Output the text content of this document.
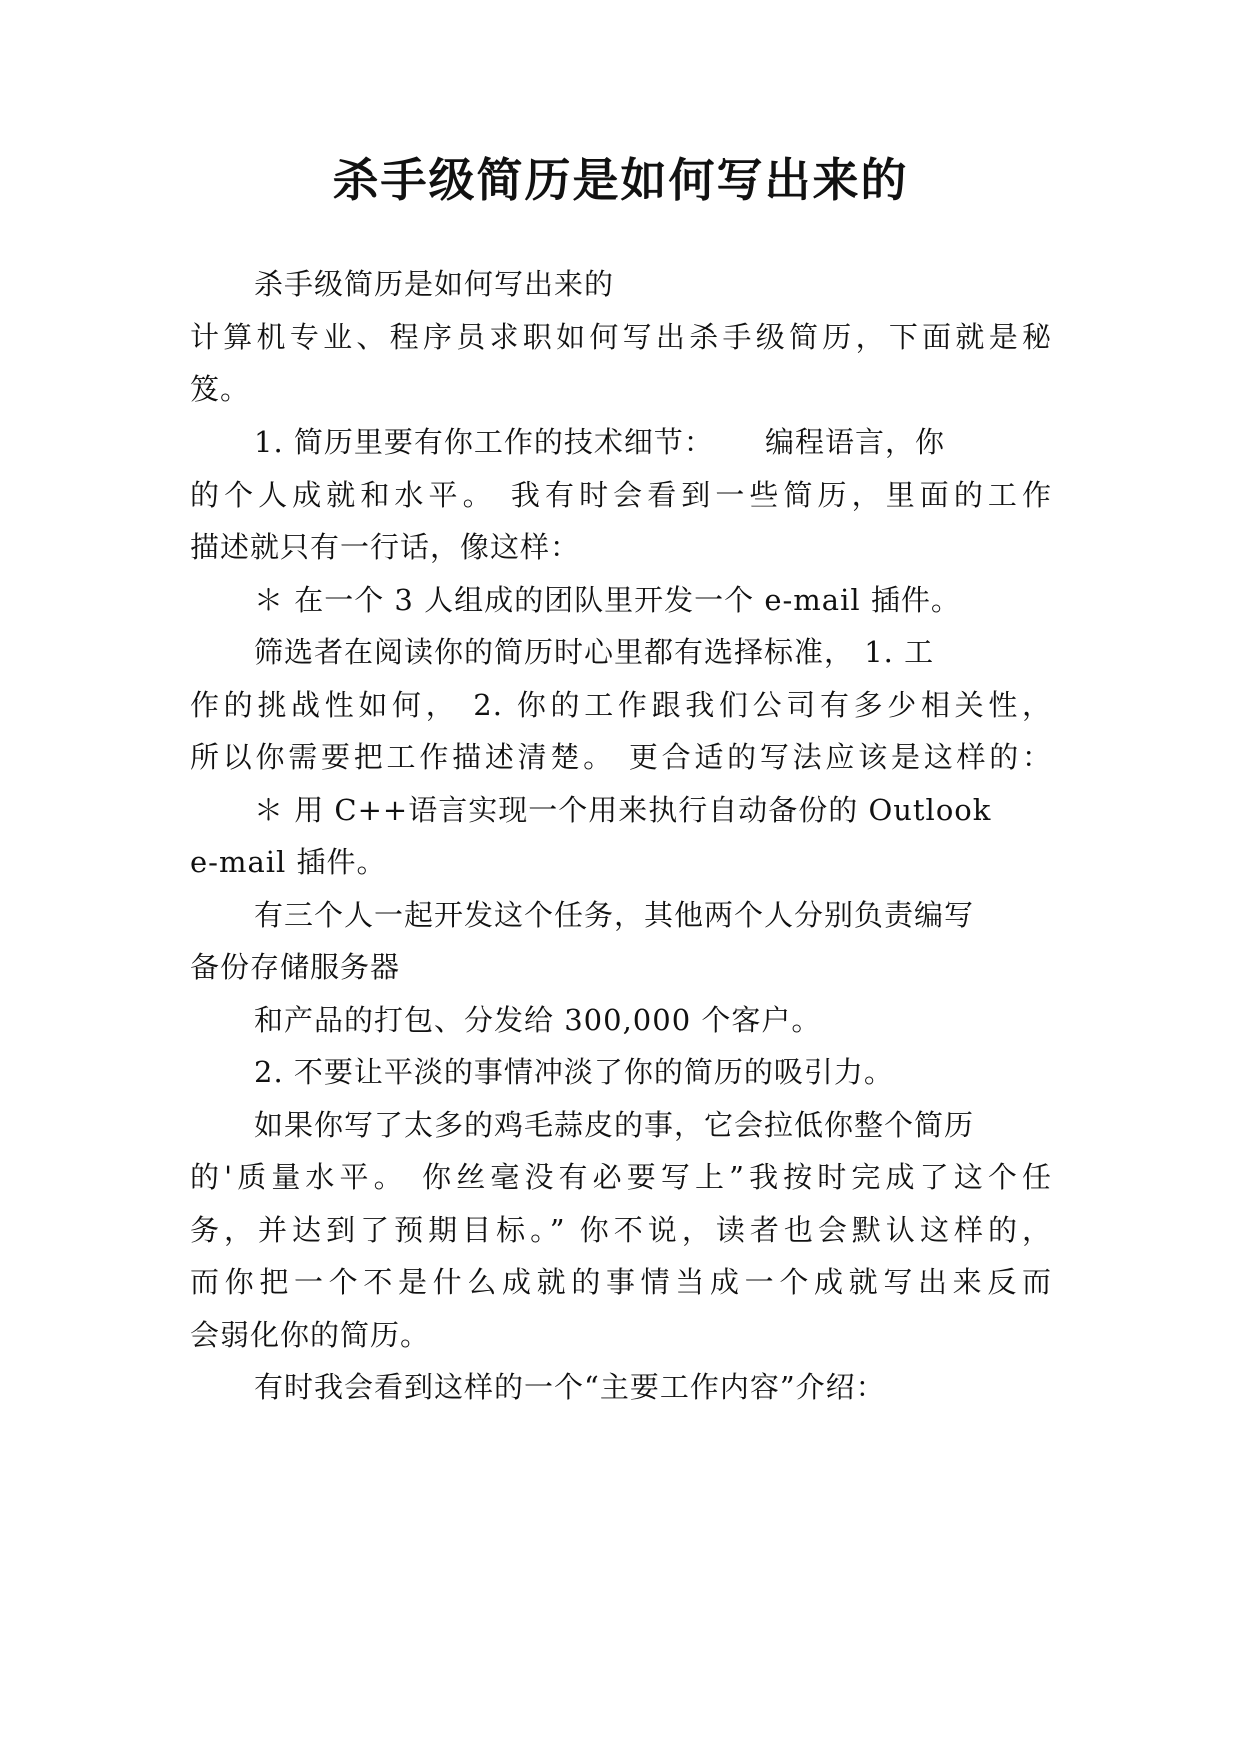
杀手级简历是如何写出来的

杀手级简历是如何写出来的

计算机专业、程序员求职如何写出杀手级简历，下面就是秘

笈。

1. 简历里要有你工作的技术细节：     编程语言，你

的个人成就和水平。 我有时会看到一些简历，里面的工作

描述就只有一行话，像这样：

＊ 在一个 3 人组成的团队里开发一个 e-mail 插件。

筛选者在阅读你的简历时心里都有选择标准， 1. 工

作的挑战性如何， 2. 你的工作跟我们公司有多少相关性，

所以你需要把工作描述清楚。 更合适的写法应该是这样的：

＊ 用 C++语言实现一个用来执行自动备份的 Outlook

e-mail 插件。

有三个人一起开发这个任务，其他两个人分别负责编写

备份存储服务器

和产品的打包、分发给 300,000 个客户。

2. 不要让平淡的事情冲淡了你的简历的吸引力。

如果你写了太多的鸡毛蒜皮的事，它会拉低你整个简历

的'质量水平。 你丝毫没有必要写上”我按时完成了这个任

务，并达到了预期目标。” 你不说，读者也会默认这样的，

而你把一个不是什么成就的事情当成一个成就写出来反而

会弱化你的简历。

有时我会看到这样的一个“主要工作内容”介绍：
